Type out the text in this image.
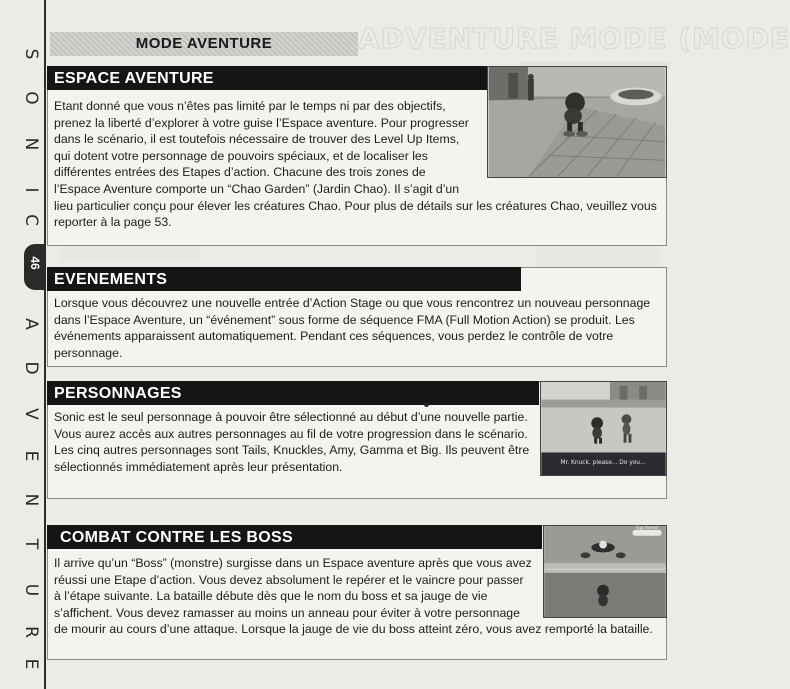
ADVENTURE MODE (MODE
S
O
N
I
C
46
A
D
V
E
N
T
U
R
E
MODE AVENTURE
ESPACE AVENTURE

Etant donné que vous n’êtes pas limité par le temps ni par des objectifs, prenez la liberté d’explorer à votre guise l’Espace aventure. Pour progresser dans le scénario, il est toutefois nécessaire de trouver des Level Up Items, qui dotent votre personnage de pouvoirs spéciaux, et de localiser les différentes entrées des Etapes d’action. Chacune des trois zones de l’Espace Aventure comporte un “Chao Garden” (Jardin Chao). Il s’agit d’un lieu particulier conçu pour élever les créatures Chao. Pour plus de détails sur les créatures Chao, veuillez vous reporter à la page 53.

EVENEMENTS

Lorsque vous découvrez une nouvelle entrée d’Action Stage ou que vous rencontrez un nouveau personnage dans l’Espace Aventure, un “événement” sous forme de séquence FMA (Full Motion Action) se produit. Les événements apparaissent automatiquement. Pendant ces séquences, vous perdez le contrôle de votre personnage.

PERSONNAGES
Mr. Knuck, please... Do you...

Sonic est le seul personnage à pouvoir être sélectionné au début d’une nouvelle partie. Vous aurez accès aux autres personnages au fil de votre progression dans le scénario.

Les cinq autres personnages sont Tails, Knuckles, Amy, Gamma et Big. Ils peuvent être sélectionnés immédiatement après leur présentation.

COMBAT CONTRE LES BOSS
Egg Hornet

Il arrive qu’un “Boss” (monstre) surgisse dans un Espace aventure après que vous avez réussi une Etape d’action. Vous devez absolument le repérer et le vaincre pour passer à l’étape suivante. La bataille débute dès que le nom du boss et sa jauge de vie s’affichent. Vous devez ramasser au moins un anneau pour éviter à votre personnage de mourir au cours d’une attaque. Lorsque la jauge de vie du boss atteint zéro, vous avez remporté la bataille.
